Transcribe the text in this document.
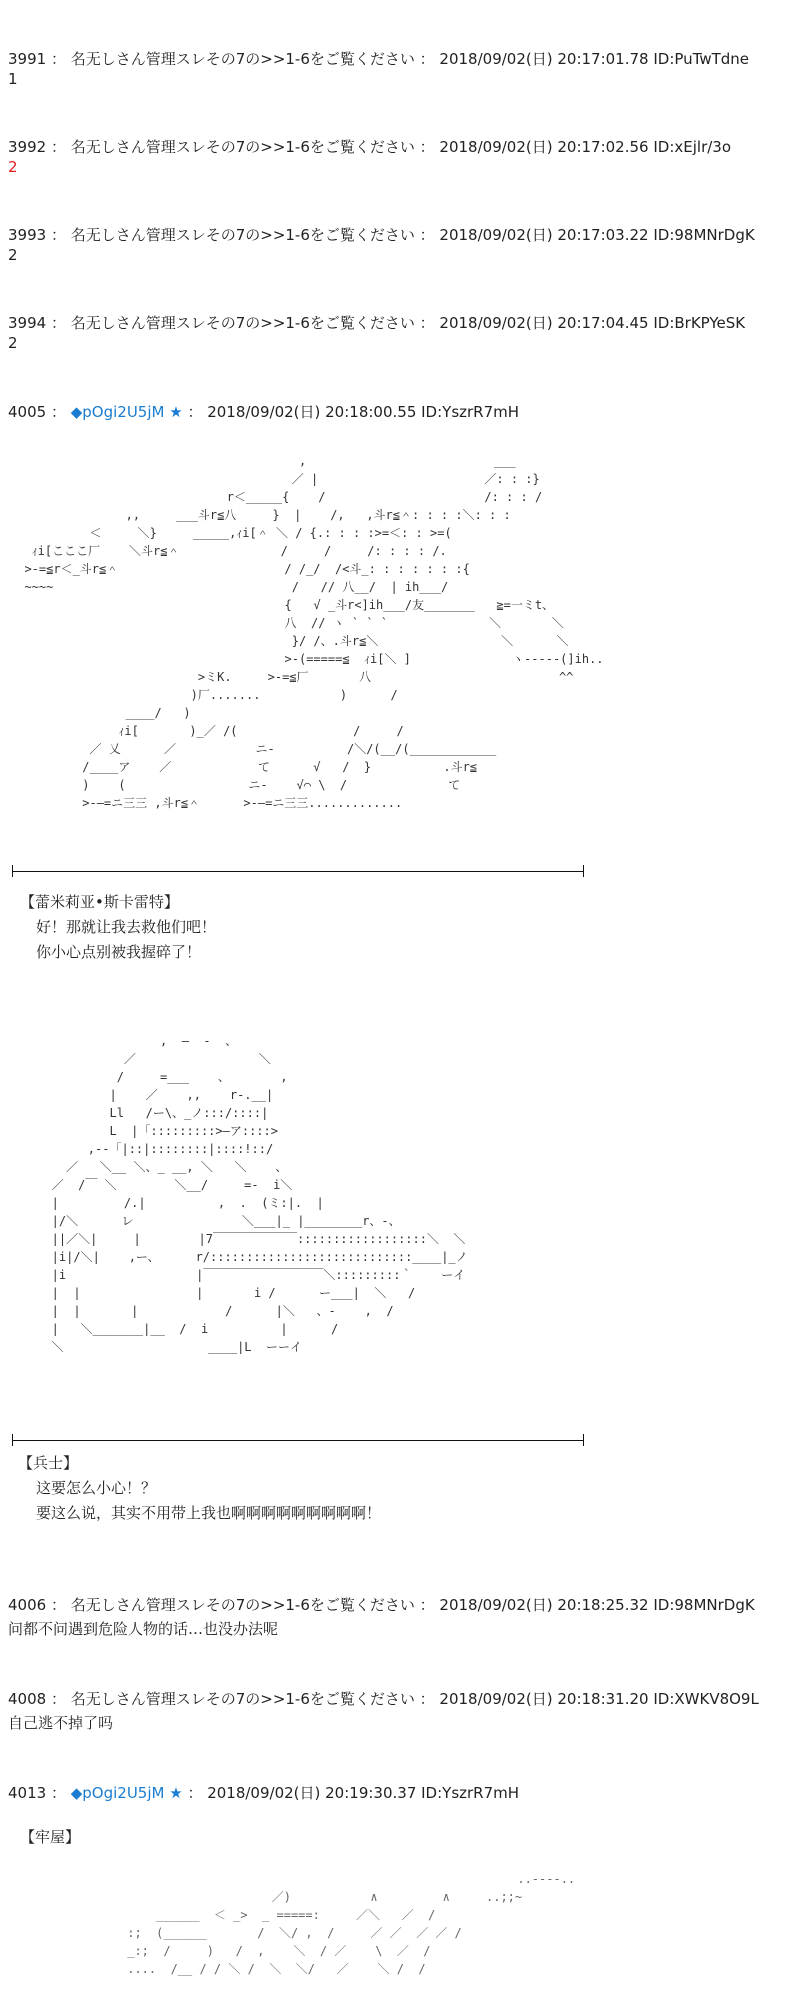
3991 ： 名无しさん管理スレその7の>>1-6をご覧ください ： 2018/09/02(日) 20:17:01.78 ID:PuTwTdne
1
3992 ： 名无しさん管理スレその7の>>1-6をご覧ください ： 2018/09/02(日) 20:17:02.56 ID:xEjlr/3o
2
3993 ： 名无しさん管理スレその7の>>1-6をご覧ください ： 2018/09/02(日) 20:17:03.22 ID:98MNrDgK
2
3994 ： 名无しさん管理スレその7の>>1-6をご覧ください ： 2018/09/02(日) 20:17:04.45 ID:BrKPYeSK
2
4005 ： ◆pOgi2U5jM ★ ： 2018/09/02(日) 20:18:00.55 ID:YszrR7mH
,                          ___
／ |                       ／: : :}
r＜_____{    /                      /: : : /
,,     ___斗r≦八     }  |    /,   ,斗r≦＾: : : :＼: : :
＜     ＼}     _____,ｨi[＾ ＼ / {.: : : :>=＜: : >=(
ｨi[こここ厂    ＼斗r≦＾              /     /     /: : : : /.
>-=≦r＜_斗r≦＾                       / /_/  /<斗_: : : : : : :{
~~~~                                 /   // 八__/  | ih___/
{   √ _斗r<]ih___/友_______   ≧=一ミt、
八  // ヽ ` ` `              ＼       ＼
}/ /、.斗r≦＼                 ＼      ＼
>-(=====≦  ｨi[＼ ]              ヽ-----(]ih..
>ミK.     >-=≦厂       八                          ^^
)厂.......           )      /
____/   )
ｨi[       )_／ /(                /     /
／ 乂      ／           ニ-          /＼/(__/(____________
/____ア    ／            て      √   /  }          .斗r≦
)    (                 ニ-    √⌒ \  /              て
>-―=ニ三三 ,斗r≦＾      >-―=ニ三三.............
【蕾米莉亚•斯卡雷特】
好！那就让我去救他们吧！
你小心点别被我握碎了！
,  ―  -  、
／                 ＼
/     =___    、       ,
|    ／    ,,    r-.__|
Ll   /ー\、_ノ:::/::::|
L  |「:::::::::>―ア::::>
,--「|::|::::::::|::::!::/
／   ＼__ ＼、_ __, ＼   ＼    、
／  /￣ ＼        ＼__/     =-  i＼
|         /.|          ,  .  (ミ:|.  |
|/＼      レ               ＼___|_ |________r、-、
||／＼|     |        |7￣￣￣￣￣￣￣::::::::::::::::::＼  ＼
|i|/＼|    ,ー、     r/::::::::::::::::::::::::::::____|_ノ
|i                  |￣￣￣￣￣￣￣￣￣￣＼:::::::::｀    ーイ
|  |                |       i /      ー___|  ＼   /
|  |       |            /      |＼   、-    ,  /
|   ＼_______|__  /  i          |      /
＼                    ____|L  ーーイ
【兵士】
这要怎么小心！？
要这么说，其实不用带上我也啊啊啊啊啊啊啊啊啊！
4006 ： 名无しさん管理スレその7の>>1-6をご覧ください ： 2018/09/02(日) 20:18:25.32 ID:98MNrDgK
问都不问遇到危险人物的话…也没办法呢
4008 ： 名无しさん管理スレその7の>>1-6をご覧ください ： 2018/09/02(日) 20:18:31.20 ID:XWKV8O9L
自己逃不掉了吗
4013 ： ◆pOgi2U5jM ★ ： 2018/09/02(日) 20:19:30.37 ID:YszrR7mH
【牢屋】
..-‐‐-..
／)           ∧         ∧     ..;;~
______  ＜ _>  _ =====:     ／＼   ／  /
:;  (______       /  ＼/ ,  /     ／ ／  ／ ／ /
_:;  /     )   /  ,    ＼  / ／    \  ／  /
....  /__ / / ＼ /  ＼  ＼/   ／    ＼ /  /
